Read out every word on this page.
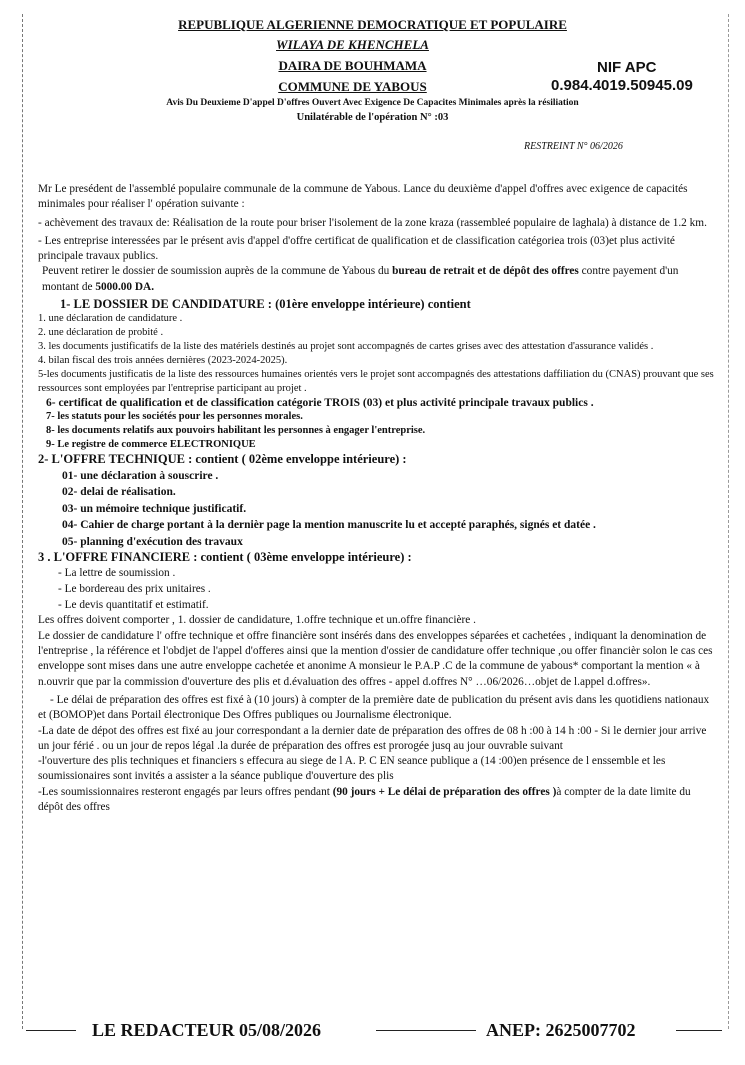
REPUBLIQUE ALGERIENNE DEMOCRATIQUE ET POPULAIRE
WILAYA DE KHENCHELA
DAIRA DE BOUHMAMA
COMMUNE DE YABOUS
NIF APC
0.984.4019.50945.09
Avis Du Deuxieme D'appel D'offres Ouvert Avec Exigence De Capacites Minimales après la résiliation
Unilatérable de l'opération N° :03
RESTREINT N° 06/2026

Mr Le presédent de l'assemblé populaire communale de la commune de Yabous. Lance du deuxième d'appel d'offres avec exigence de capacités minimales pour réaliser l' opération suivante :

- achèvement des travaux de: Réalisation de la route pour briser l'isolement de la zone kraza (rassembleé populaire de laghala) à distance de 1.2 km.

- Les entreprise interessées par le présent avis d'appel d'offre certificat de qualification et de classification catégoriea trois (03)et plus activité principale travaux publics.

Peuvent retirer le dossier de soumission auprès de la commune de Yabous du bureau de retrait et de dépôt des offres contre payement d'un montant de 5000.00 DA.

1- LE DOSSIER DE CANDIDATURE : (01ère enveloppe intérieure) contient

1. une déclaration de candidature .

2. une déclaration de probité .

3. les documents justificatifs de la liste des matériels destinés au projet sont accompagnés de cartes grises avec des attestation d'assurance validés .

4. bilan fiscal des trois années dernières (2023-2024-2025).

5-les documents justificatis de la liste des ressources humaines orientés vers le projet sont accompagnés des attestations daffiliation du (CNAS) prouvant que ses ressources sont employées par l'entreprise participant au projet .

6- certificat de qualification et de classification catégorie TROIS (03) et plus activité principale travaux publics .

7- les statuts pour les sociétés pour les personnes morales.

8- les documents relatifs aux pouvoirs habilitant les personnes à engager l'entreprise.

9- Le registre de commerce ELECTRONIQUE

2- L'OFFRE TECHNIQUE : contient ( 02ème enveloppe intérieure) :

01- une déclaration à souscrire .

02- delai de réalisation.

03- un mémoire technique justificatif.

04- Cahier de charge portant à la dernièr page la mention manuscrite lu et accepté paraphés, signés et datée .

05- planning d'exécution des travaux

3 . L'OFFRE FINANCIERE : contient ( 03ème enveloppe intérieure) :

- La lettre de soumission .

- Le bordereau des prix unitaires .

- Le devis quantitatif et estimatif.

Les offres doivent comporter , 1. dossier de candidature, 1.offre technique et un.offre financière .

Le dossier de candidature l' offre technique et offre financière sont insérés dans des enveloppes séparées et cachetées , indiquant la denomination de l'entreprise , la référence et l'obdjet de l'appel d'offeres ainsi que la mention d'ossier de candidature offer technique ,ou offer financièr solon le cas ces enveloppe sont mises dans une autre enveloppe cachetée et anonime A monsieur le P.A.P .C de la commune de yabous* comportant la mention « à n.ouvrir que par la commission d'ouverture des plis et d.évaluation des offres - appel d.offres N° …06/2026…objet de l.appel d.offres».

- Le délai de préparation des offres est fixé à (10 jours) à compter de la première date de publication du présent avis dans les quotidiens nationaux et (BOMOP)et dans Portail électronique Des Offres publiques ou Journalisme électronique.

-La date de dépot des offres est fixé au jour correspondant a la dernier date de préparation des offres de 08 h :00 à 14 h :00 - Si le dernier jour arrive un jour férié . ou un jour de repos légal .la durée de préparation des offres est prorogée jusq au jour ouvrable suivant

-l'ouverture des plis techniques et financiers s effecura au siege de l A. P. C EN seance publique a (14 :00)en présence de l enssemble et les soumissionaires sont invités a assister a la séance publique d'ouverture des plis

-Les soumissionnaires resteront engagés par leurs offres pendant (90 jours + Le délai de préparation des offres )à compter de la date limite du dépôt des offres

LE REDACTEUR 05/08/2026	ANEP: 2625007702
